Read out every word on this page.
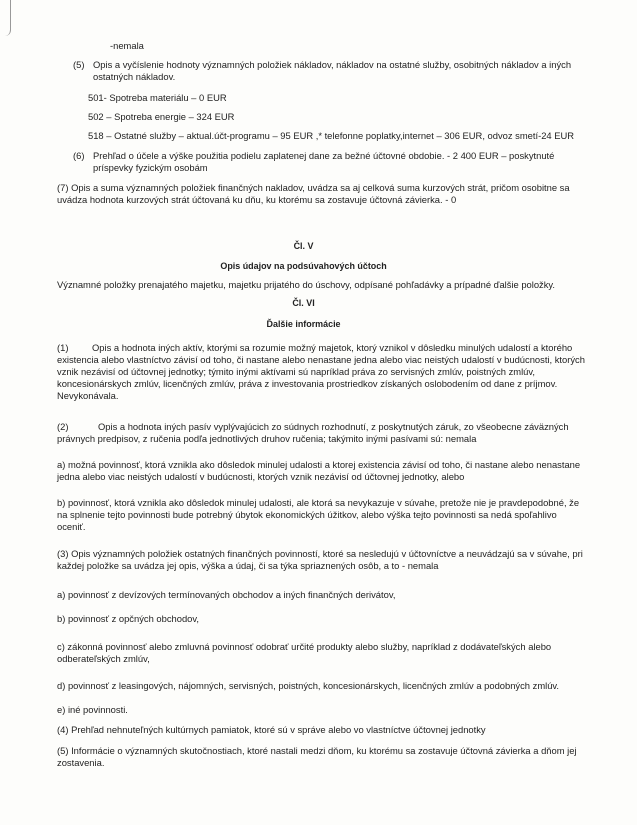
-nemala
(5) Opis a vyčíslenie hodnoty významných položiek nákladov, nákladov na ostatné služby, osobitných nákladov a iných
ostatných nákladov.
501- Spotreba materiálu – 0 EUR
502 – Spotreba energie – 324 EUR
518 – Ostatné služby – aktual.účt-programu – 95 EUR ,* telefonne poplatky,internet – 306 EUR, odvoz smetí-24 EUR
(6) Prehľad o účele a výške použitia podielu zaplatenej dane za bežné účtovné obdobie. - 2 400 EUR – poskytnuté
príspevky fyzickým osobám
(7) Opis a suma významných položiek finančných nakladov, uvádza sa aj celková suma kurzových strát, pričom osobitne sa
uvádza hodnota kurzových strát účtovaná ku dňu, ku ktorému sa zostavuje účtovná závierka. - 0
Čl. V
Opis údajov na podsúvahových účtoch
Významné položky prenajatého majetku, majetku prijatého do úschovy, odpísané pohľadávky a prípadné ďalšie položky.
Čl. VI
Ďalšie informácie
(1)	Opis a hodnota iných aktív, ktorými sa rozumie možný majetok, ktorý vznikol v dôsledku minulých udalostí a ktorého
existencia alebo vlastníctvo závisí od toho, či nastane alebo nenastane jedna alebo viac neistých udalostí v budúcnosti, ktorých
vznik nezávisí od účtovnej jednotky; týmito inými aktívami sú napríklad práva zo servisných zmlúv, poistných zmlúv,
koncesionárskych zmlúv, licenčných zmlúv, práva z investovania prostriedkov získaných oslobodením od dane z príjmov.
Nevykonávala.
(2)	Opis a hodnota iných pasív vyplývajúcich zo súdnych rozhodnutí, z poskytnutých záruk, zo všeobecne záväzných
právnych predpisov, z ručenia podľa jednotlivých druhov ručenia; takýmito inými pasívami sú: nemala
a) možná povinnosť, ktorá vznikla ako dôsledok minulej udalosti a ktorej existencia závisí od toho, či nastane alebo nenastane
jedna alebo viac neistých udalostí v budúcnosti, ktorých vznik nezávisí od účtovnej jednotky, alebo
b) povinnosť, ktorá vznikla ako dôsledok minulej udalosti, ale ktorá sa nevykazuje v súvahe, pretože nie je pravdepodobné, že
na splnenie tejto povinnosti bude potrebný úbytok ekonomických úžitkov, alebo výška tejto povinnosti sa nedá spoľahlivo
oceniť.
(3) Opis významných položiek ostatných finančných povinností, ktoré sa nesledujú v účtovníctve a neuvádzajú sa v súvahe, pri
každej položke sa uvádza jej opis, výška a údaj, či sa týka spriaznených osôb, a to - nemala
a) povinnosť z devízových termínovaných obchodov a iných finančných derivátov,
b) povinnosť z opčných obchodov,
c) zákonná povinnosť alebo zmluvná povinnosť odobrať určité produkty alebo služby, napríklad z dodávateľských alebo
odberateľských zmlúv,
d) povinnosť z leasingových, nájomných, servisných, poistných, koncesionárskych, licenčných zmlúv a podobných zmlúv.
e) iné povinnosti.
(4) Prehľad nehnuteľných kultúrnych pamiatok, ktoré sú v správe alebo vo vlastníctve účtovnej jednotky
(5) Informácie o významných skutočnostiach, ktoré nastali medzi dňom, ku ktorému sa zostavuje účtovná závierka a dňom jej
zostavenia.
